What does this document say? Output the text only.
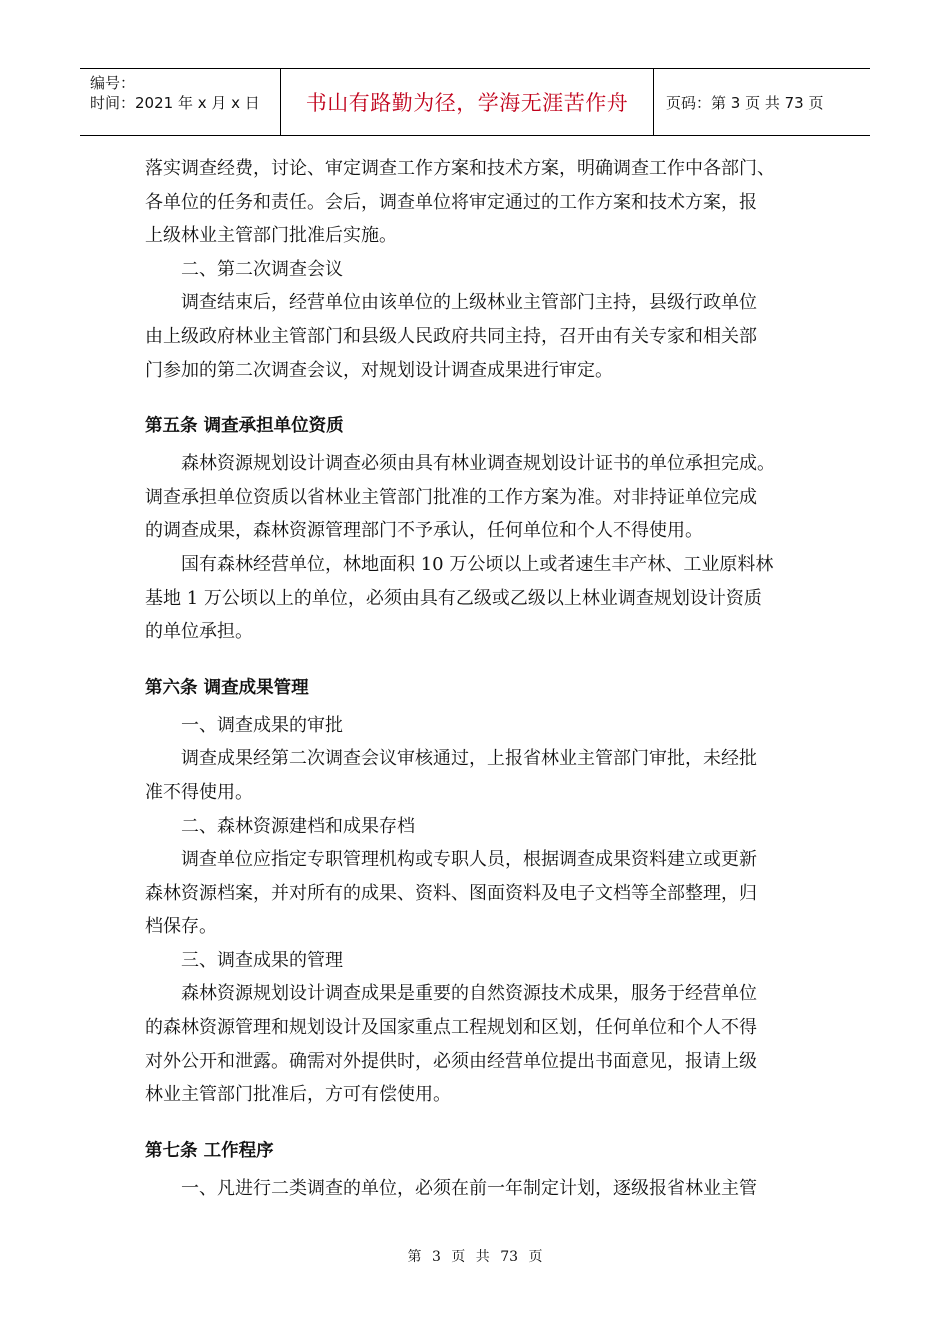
编号：
时间：2021 年 x 月 x 日	书山有路勤为径，学海无涯苦作舟	页码：第 3 页 共 73 页

落实调查经费，讨论、审定调查工作方案和技术方案，明确调查工作中各部门、

各单位的任务和责任。会后，调查单位将审定通过的工作方案和技术方案，报

上级林业主管部门批准后实施。

二、第二次调查会议

调查结束后，经营单位由该单位的上级林业主管部门主持，县级行政单位

由上级政府林业主管部门和县级人民政府共同主持，召开由有关专家和相关部

门参加的第二次调查会议，对规划设计调查成果进行审定。

第五条 调查承担单位资质

森林资源规划设计调查必须由具有林业调查规划设计证书的单位承担完成。

调查承担单位资质以省林业主管部门批准的工作方案为准。对非持证单位完成

的调查成果，森林资源管理部门不予承认，任何单位和个人不得使用。

国有森林经营单位，林地面积 10 万公顷以上或者速生丰产林、工业原料林

基地 1 万公顷以上的单位，必须由具有乙级或乙级以上林业调查规划设计资质

的单位承担。

第六条 调查成果管理

一、调查成果的审批

调查成果经第二次调查会议审核通过，上报省林业主管部门审批，未经批

准不得使用。

二、森林资源建档和成果存档

调查单位应指定专职管理机构或专职人员，根据调查成果资料建立或更新

森林资源档案，并对所有的成果、资料、图面资料及电子文档等全部整理，归

档保存。

三、调查成果的管理

森林资源规划设计调查成果是重要的自然资源技术成果，服务于经营单位

的森林资源管理和规划设计及国家重点工程规划和区划，任何单位和个人不得

对外公开和泄露。确需对外提供时，必须由经营单位提出书面意见，报请上级

林业主管部门批准后，方可有偿使用。

第七条 工作程序

一、凡进行二类调查的单位，必须在前一年制定计划，逐级报省林业主管

第 3 页 共 73 页
